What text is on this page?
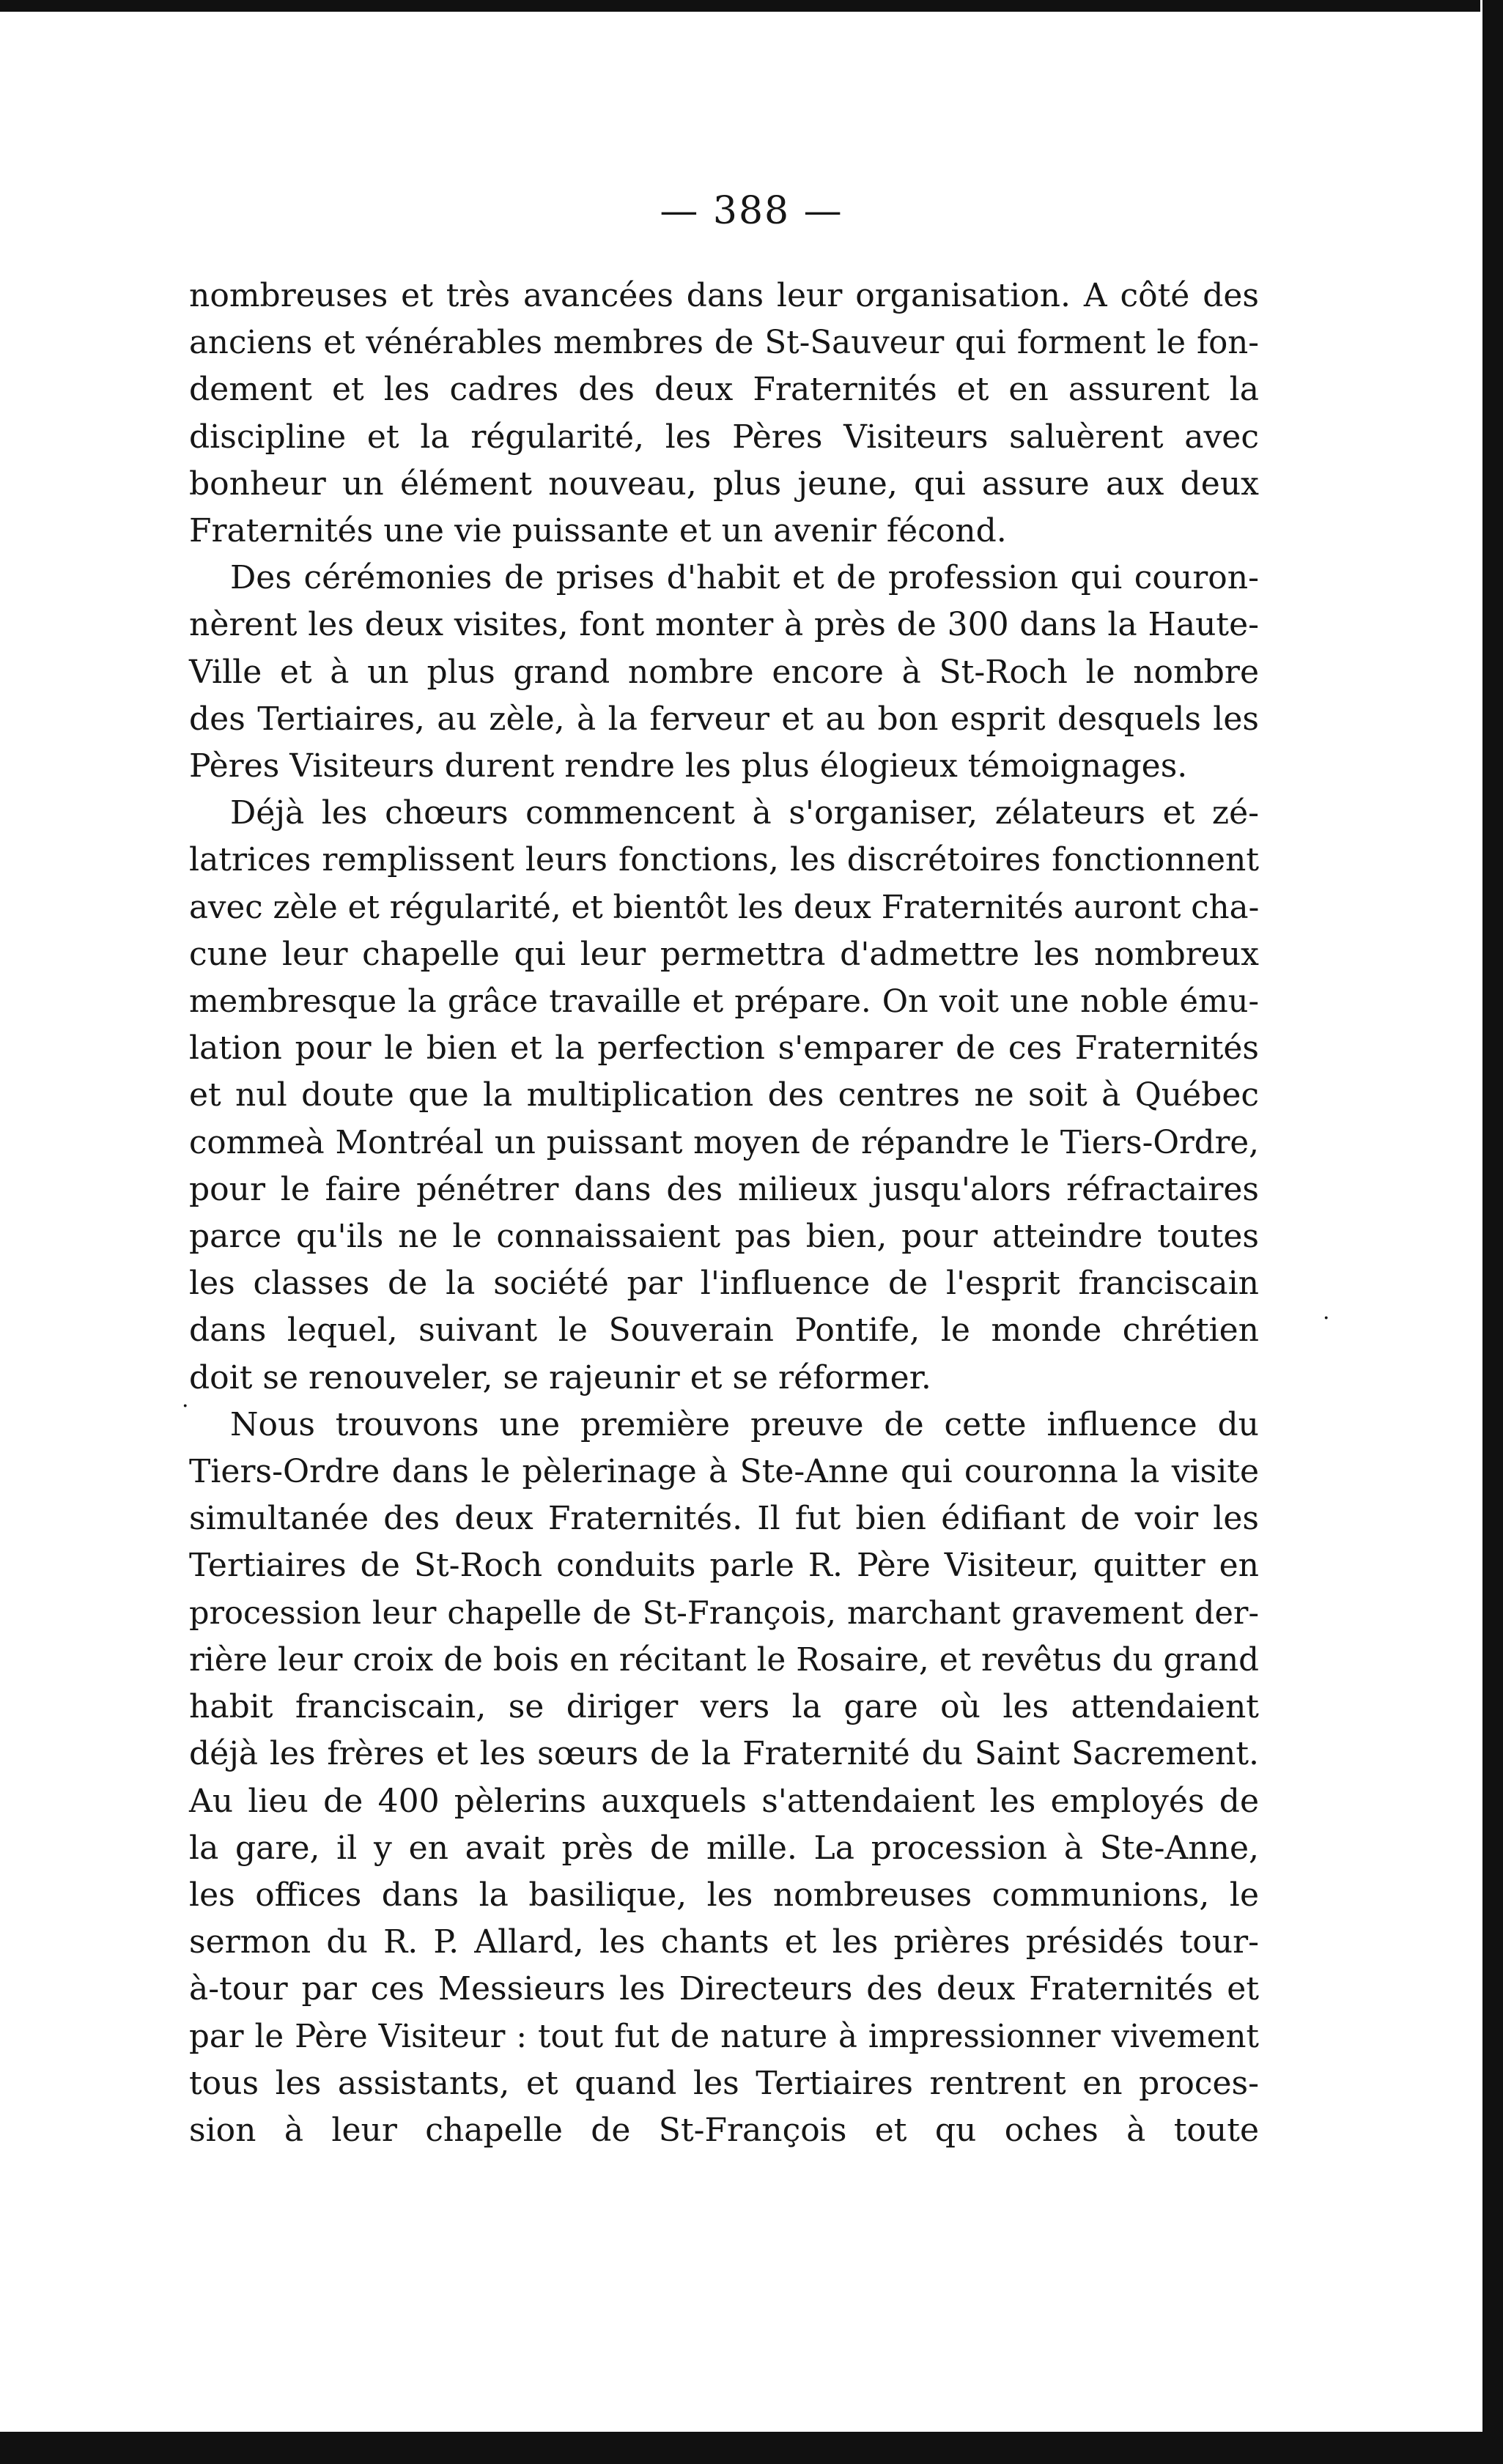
— 388 —
nombreuses et très avancées dans leur organisation. A côté des
anciens et vénérables membres de St-Sauveur qui forment le fon-
dement et les cadres des deux Fraternités et en assurent la
discipline et la régularité, les Pères Visiteurs saluèrent avec
bonheur un élément nouveau, plus jeune, qui assure aux deux
Fraternités une vie puissante et un avenir fécond.
Des cérémonies de prises d'habit et de profession qui couron-
nèrent les deux visites, font monter à près de 300 dans la Haute-
Ville et à un plus grand nombre encore à St-Roch le nombre
des Tertiaires, au zèle, à la ferveur et au bon esprit desquels les
Pères Visiteurs durent rendre les plus élogieux témoignages.
Déjà les chœurs commencent à s'organiser, zélateurs et zé-
latrices remplissent leurs fonctions, les discrétoires fonctionnent
avec zèle et régularité, et bientôt les deux Fraternités auront cha-
cune leur chapelle qui leur permettra d'admettre les nombreux
membresque la grâce travaille et prépare. On voit une noble ému-
lation pour le bien et la perfection s'emparer de ces Fraternités
et nul doute que la multiplication des centres ne soit à Québec
commeà Montréal un puissant moyen de répandre le Tiers-Ordre,
pour le faire pénétrer dans des milieux jusqu'alors réfractaires
parce qu'ils ne le connaissaient pas bien, pour atteindre toutes
les classes de la société par l'influence de l'esprit franciscain
dans lequel, suivant le Souverain Pontife, le monde chrétien
doit se renouveler, se rajeunir et se réformer.
Nous trouvons une première preuve de cette influence du
Tiers-Ordre dans le pèlerinage à Ste-Anne qui couronna la visite
simultanée des deux Fraternités. Il fut bien édifiant de voir les
Tertiaires de St-Roch conduits parle R. Père Visiteur, quitter en
procession leur chapelle de St-François, marchant gravement der-
rière leur croix de bois en récitant le Rosaire, et revêtus du grand
habit franciscain, se diriger vers la gare où les attendaient
déjà les frères et les sœurs de la Fraternité du Saint Sacrement.
Au lieu de 400 pèlerins auxquels s'attendaient les employés de
la gare, il y en avait près de mille. La procession à Ste-Anne,
les offices dans la basilique, les nombreuses communions, le
sermon du R. P. Allard, les chants et les prières présidés tour-
à-tour par ces Messieurs les Directeurs des deux Fraternités et
par le Père Visiteur : tout fut de nature à impressionner vivement
tous les assistants, et quand les Tertiaires rentrent en proces-
sion à leur chapelle de St-François et qu oches à toute
·
·
